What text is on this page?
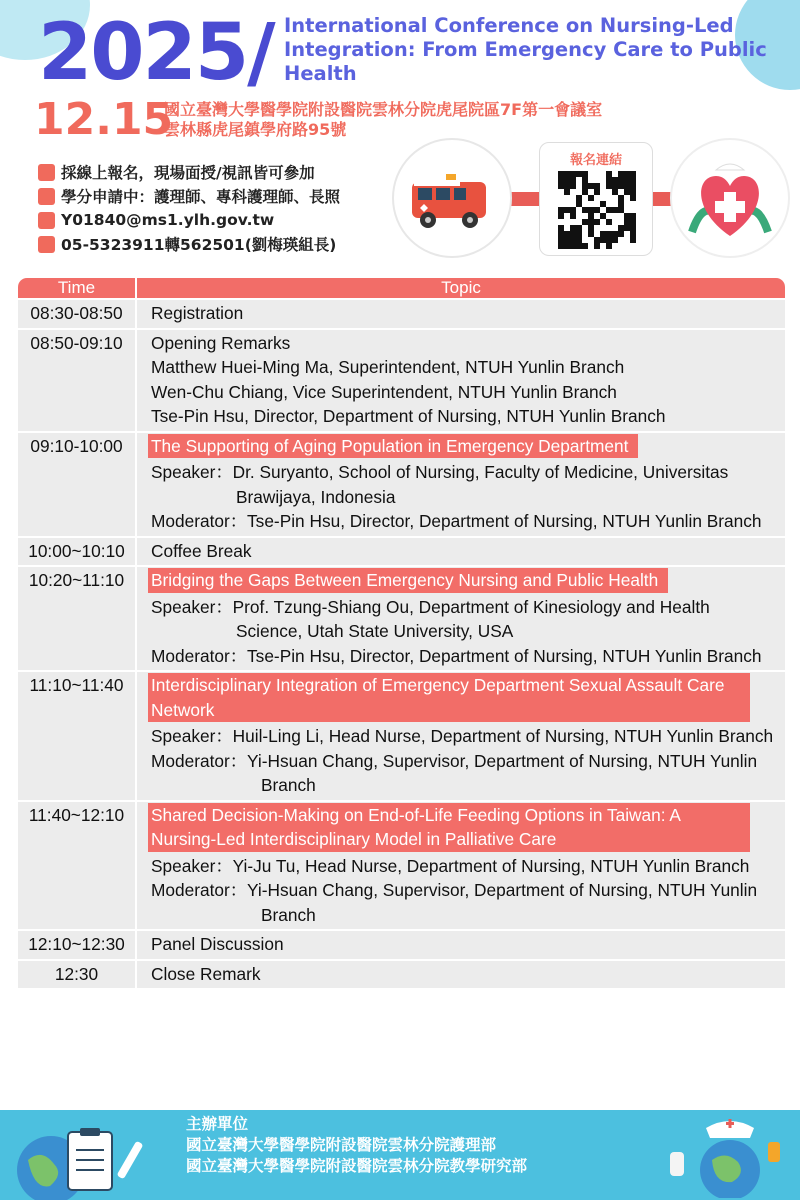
2025/ International Conference on Nursing-Led Integration: From Emergency Care to Public Health
12.15
國立臺灣大學醫學院附設醫院雲林分院虎尾院區7F第一會議室
雲林縣虎尾鎮學府路95號
採線上報名，現場面授/視訊皆可參加
學分申請中：護理師、專科護理師、長照
Y01840@ms1.ylh.gov.tw
05-5323911轉562501(劉梅瑛組長)
報名連結
Time	Topic
08:30-08:50	Registration
08:50-09:10	Opening Remarks
Matthew Huei-Ming Ma, Superintendent, NTUH Yunlin Branch
Wen-Chu Chiang, Vice Superintendent, NTUH Yunlin Branch
Tse-Pin Hsu, Director, Department of Nursing, NTUH Yunlin Branch

09:10-10:00	The Supporting of Aging Population in Emergency Department
Speaker：Dr. Suryanto, School of Nursing, Faculty of Medicine, Universitas Brawijaya, Indonesia
Moderator：Tse-Pin Hsu, Director, Department of Nursing, NTUH Yunlin Branch

10:00~10:10	Coffee Break
10:20~11:10	Bridging the Gaps Between Emergency Nursing and Public Health
Speaker：Prof. Tzung-Shiang Ou, Department of Kinesiology and Health Science, Utah State University, USA
Moderator：Tse-Pin Hsu, Director, Department of Nursing, NTUH Yunlin Branch

11:10~11:40	Interdisciplinary Integration of Emergency Department Sexual Assault Care Network
Speaker：Huil-Ling Li, Head Nurse, Department of Nursing, NTUH Yunlin Branch
Moderator：Yi-Hsuan Chang, Supervisor, Department of Nursing, NTUH Yunlin Branch

11:40~12:10	Shared Decision-Making on End-of-Life Feeding Options in Taiwan: A Nursing-Led Interdisciplinary Model in Palliative Care
Speaker：Yi-Ju Tu, Head Nurse, Department of Nursing, NTUH Yunlin Branch
Moderator：Yi-Hsuan Chang, Supervisor, Department of Nursing, NTUH Yunlin Branch

12:10~12:30	Panel Discussion
12:30	Close Remark
主辦單位
國立臺灣大學醫學院附設醫院雲林分院護理部
國立臺灣大學醫學院附設醫院雲林分院教學研究部
